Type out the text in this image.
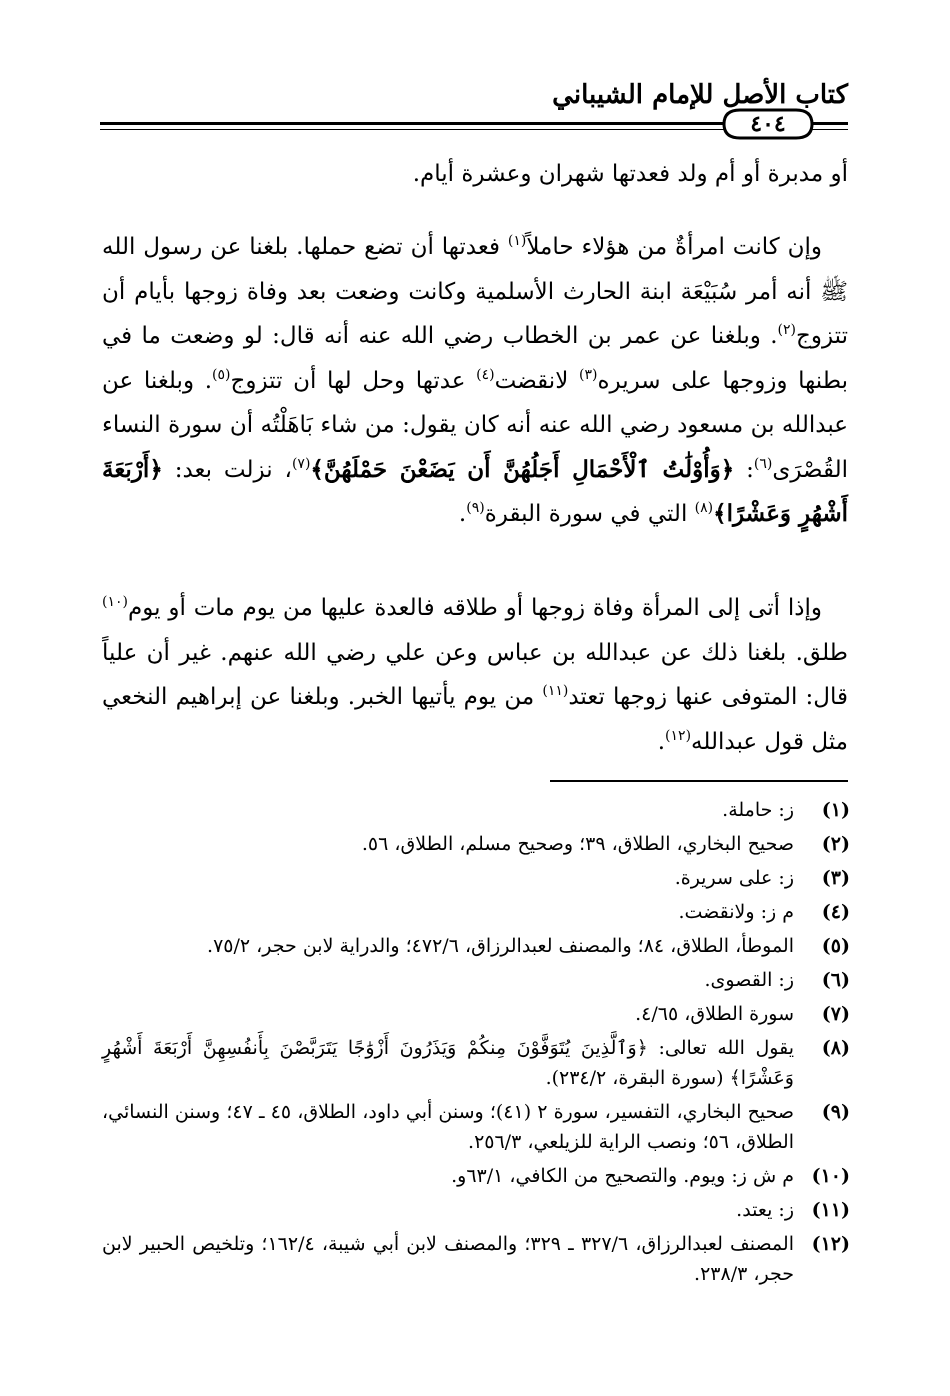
كتاب الأصل للإمام الشيباني
٤٠٤

أو مدبرة أو أم ولد فعدتها شهران وعشرة أيام.

وإن كانت امرأةٌ من هؤلاء حاملاً$^{(١)}$ فعدتها أن تضع حملها. بلغنا عن رسول الله ﷺ أنه أمر سُبَيْعَة ابنة الحارث الأسلمية وكانت وضعت بعد وفاة زوجها بأيام أن تتزوج$^{(٢)}$. وبلغنا عن عمر بن الخطاب رضي الله عنه أنه قال: لو وضعت ما في بطنها وزوجها على سريره$^{(٣)}$ لانقضت$^{(٤)}$ عدتها وحل لها أن تتزوج$^{(٥)}$. وبلغنا عن عبدالله بن مسعود رضي الله عنه أنه كان يقول: من شاء بَاهَلْتُه أن سورة النساء القُصْرَى$^{(٦)}$: ﴿وَأُوْلَٰتُ ٱلْأَحْمَالِ أَجَلُهُنَّ أَن يَضَعْنَ حَمْلَهُنَّ﴾$^{(٧)}$، نزلت بعد: ﴿أَرْبَعَةَ أَشْهُرٍ وَعَشْرًا﴾$^{(٨)}$ التي في سورة البقرة$^{(٩)}$.

وإذا أتى إلى المرأة وفاة زوجها أو طلاقه فالعدة عليها من يوم مات أو يوم$^{(١٠)}$ طلق. بلغنا ذلك عن عبدالله بن عباس وعن علي رضي الله عنهم. غير أن علياً قال: المتوفى عنها زوجها تعتد$^{(١١)}$ من يوم يأتيها الخبر. وبلغنا عن إبراهيم النخعي مثل قول عبدالله$^{(١٢)}$.

(١)
ز: حاملة.
(٢)
صحيح البخاري، الطلاق، ٣٩؛ وصحيح مسلم، الطلاق، ٥٦.
(٣)
ز: على سريرة.
(٤)
م ز: ولانقضت.
(٥)
الموطأ، الطلاق، ٨٤؛ والمصنف لعبدالرزاق، ٤٧٢/٦؛ والدراية لابن حجر، ٧٥/٢.
(٦)
ز: القصوى.
(٧)
سورة الطلاق، ٤/٦٥.
(٨)
يقول الله تعالى: ﴿وَٱلَّذِينَ يُتَوَفَّوْنَ مِنكُمْ وَيَذَرُونَ أَزْوَٰجًا يَتَرَبَّصْنَ بِأَنفُسِهِنَّ أَرْبَعَةَ أَشْهُرٍ وَعَشْرًا﴾ (سورة البقرة، ٢٣٤/٢).
(٩)
صحيح البخاري، التفسير، سورة ٢ (٤١)؛ وسنن أبي داود، الطلاق، ٤٥ ـ ٤٧؛ وسنن النسائي، الطلاق، ٥٦؛ ونصب الراية للزيلعي، ٢٥٦/٣.
(١٠)
م ش ز: ويوم. والتصحيح من الكافي، ٦٣/١و.
(١١)
ز: يعتد.
(١٢)
المصنف لعبدالرزاق، ٣٢٧/٦ ـ ٣٢٩؛ والمصنف لابن أبي شيبة، ١٦٢/٤؛ وتلخيص الحبير لابن حجر، ٢٣٨/٣.
